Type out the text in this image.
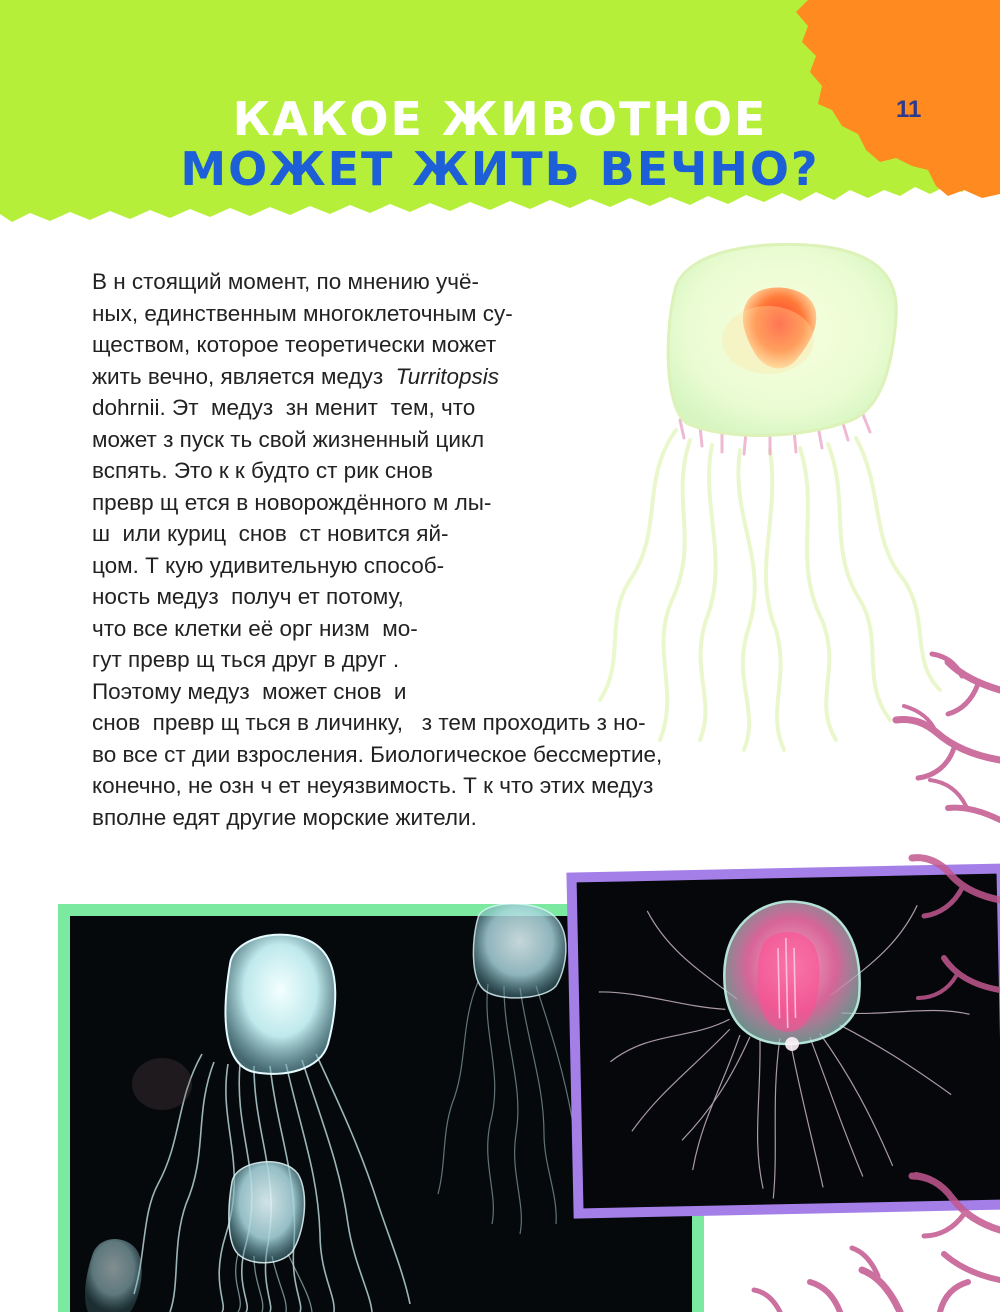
КАКОЕ ЖИВОТНОЕ
МОЖЕТ ЖИТЬ ВЕЧНО?
11
В н стоящий момент, по мнению учё-
ных, единственным многоклеточным су-
ществом, которое теоретически может
жить вечно, является медуз  Turritopsis
dohrnii. Эт  медуз  зн менит  тем, что
может з пуск ть свой жизненный цикл
вспять. Это к к будто ст рик снов
превр щ ется в новорождённого м лы-
ш  или куриц  снов  ст новится яй-
цом. Т кую удивительную способ-
ность медуз  получ ет потому,
что все клетки её орг низм  мо-
гут превр щ ться друг в друг .
Поэтому медуз  может снов  и
снов  превр щ ться в личинку,   з тем проходить з но-
во все ст дии взросления. Биологическое бессмертие,
конечно, не озн ч ет неуязвимость. Т к что этих медуз
вполне едят другие морские жители.
